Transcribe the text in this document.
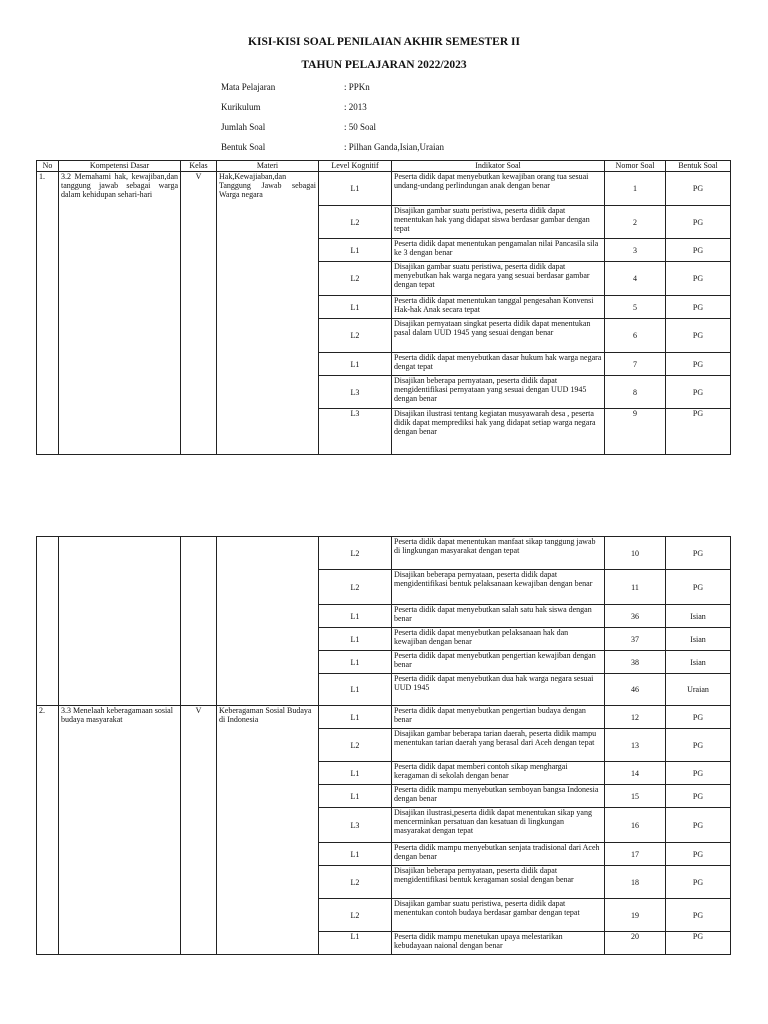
KISI-KISI SOAL PENILAIAN AKHIR SEMESTER II
TAHUN PELAJARAN 2022/2023
Mata Pelajaran	: PPKn
Kurikulum	: 2013
Jumlah Soal	: 50 Soal
Bentuk Soal	: Pilhan Ganda,Isian,Uraian
No	Kompetensi Dasar	Kelas	Materi	Level Kognitif	Indikator Soal	Nomor Soal	Bentuk Soal
1.	3.2 Memahami hak, kewajiban,dan tanggung jawab sebagai warga dalam kehidupan sehari-hari	V	Hak,Kewajiaban,dan Tanggung Jawab sebagai Warga negara	L1	Peserta didik dapat menyebutkan kewajiban orang tua sesuai undang-undang perlindungan anak dengan benar	1	PG
				L2	Disajikan gambar suatu peristiwa, peserta didik dapat menentukan hak yang didapat siswa berdasar gambar dengan tepat	2	PG
				L1	Peserta didik dapat menentukan pengamalan nilai Pancasila sila ke 3 dengan benar	3	PG
				L2	Disajikan gambar suatu peristiwa, peserta didik dapat menyebutkan hak warga negara yang sesuai berdasar gambar dengan tepat	4	PG
				L1	Peserta didik dapat menentukan tanggal pengesahan Konvensi Hak-hak Anak secara tepat	5	PG
				L2	Disajikan pernyataan singkat peserta didik dapat menentukan pasal dalam UUD 1945 yang sesuai dengan benar	6	PG
				L1	Peserta didik dapat menyebutkan dasar hukum hak warga negara dengat tepat	7	PG
				L3	Disajikan beberapa pernyataan, peserta didik dapat mengidentifikasi pernyataan yang sesuai dengan UUD 1945 dengan benar	8	PG
				L3	Disajikan ilustrasi tentang kegiatan musyawarah desa , peserta didik dapat memprediksi hak yang didapat setiap warga negara dengan benar	9	PG
				L2	Peserta didik dapat menentukan manfaat sikap tanggung jawab di lingkungan masyarakat dengan tepat	10	PG
				L2	Disajikan beberapa pernyataan, peserta didik dapat mengidentifikasi bentuk pelaksanaan kewajiban dengan benar	11	PG
				L1	Peserta didik dapat menyebutkan salah satu hak siswa dengan benar	36	Isian
				L1	Peserta didik dapat menyebutkan pelaksanaan hak dan kewajiban dengan benar	37	Isian
				L1	Peserta didik dapat menyebutkan pengertian kewajiban dengan benar	38	Isian
				L1	Peserta didik dapat menyebutkan dua hak warga negara sesuai UUD 1945	46	Uraian
2.	3.3 Menelaah keberagamaan sosial budaya masyarakat	V	Keberagaman Sosial Budaya di Indonesia	L1	Peserta didik dapat menyebutkan pengertian budaya dengan benar	12	PG
				L2	Disajikan gambar beberapa tarian daerah, peserta didik mampu menentukan tarian daerah yang berasal dari Aceh dengan tepat	13	PG
				L1	Peserta didik dapat memberi contoh sikap menghargai keragaman di sekolah dengan benar	14	PG
				L1	Peserta didik mampu menyebutkan semboyan bangsa Indonesia dengan benar	15	PG
				L3	Disajikan ilustrasi,peserta didik dapat menentukan sikap yang mencerminkan persatuan dan kesatuan di lingkungan masyarakat dengan tepat	16	PG
				L1	Peserta didik mampu menyebutkan senjata tradisional dari Aceh dengan benar	17	PG
				L2	Disajikan beberapa pernyataan, peserta didik dapat mengidentifikasi bentuk keragaman sosial dengan benar	18	PG
				L2	Disajikan gambar suatu peristiwa, peserta didik dapat menentukan contoh budaya berdasar gambar dengan tepat	19	PG
				L1	Peserta didik mampu menetukan upaya melestarikan kebudayaan naional dengan benar	20	PG
